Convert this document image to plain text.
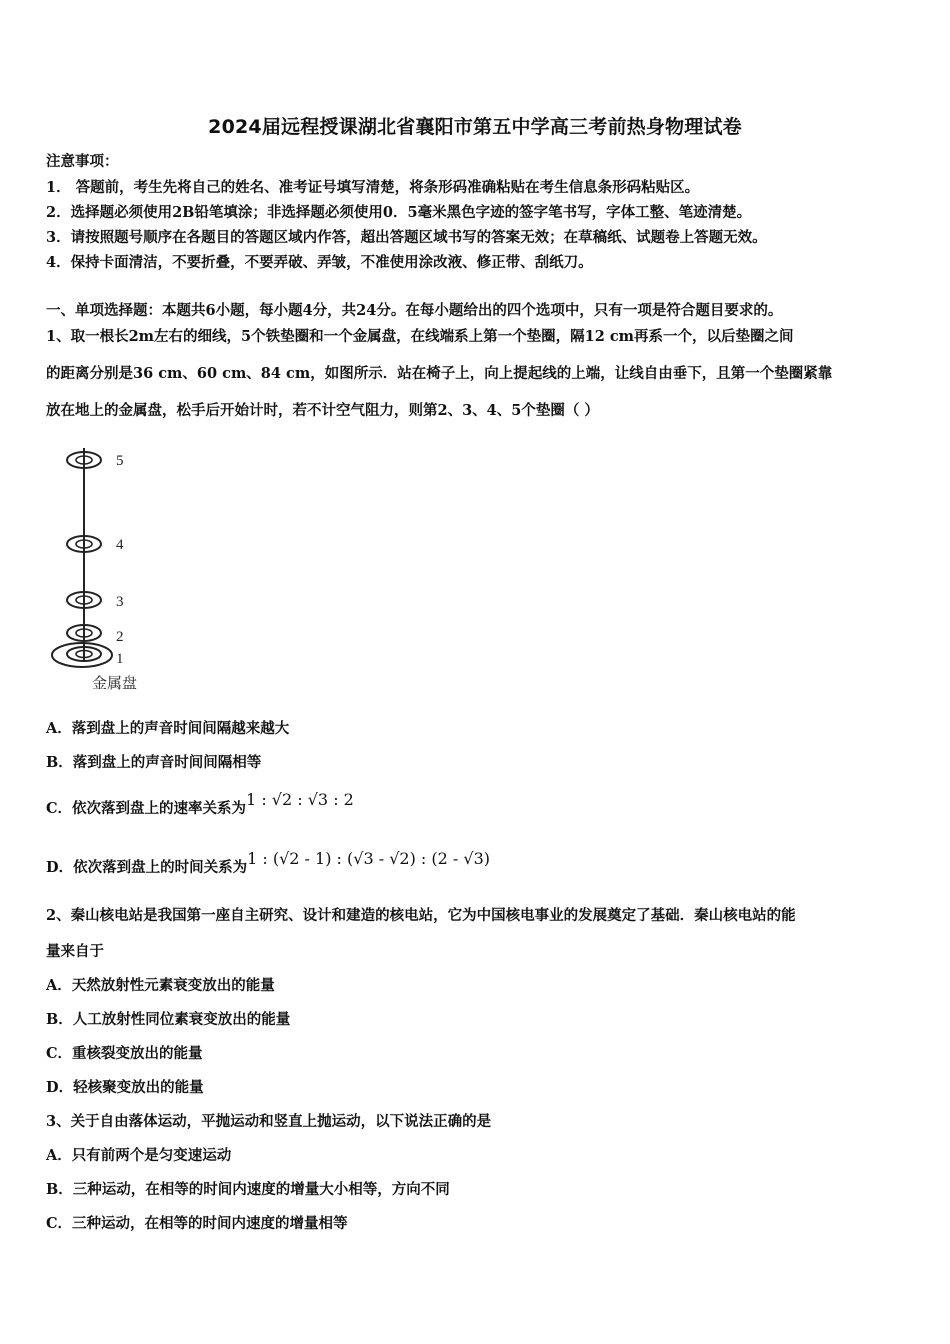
2024届远程授课湖北省襄阳市第五中学高三考前热身物理试卷
注意事项：
1． 答题前，考生先将自己的姓名、准考证号填写清楚，将条形码准确粘贴在考生信息条形码粘贴区。
2．选择题必须使用2B铅笔填涂；非选择题必须使用0．5毫米黑色字迹的签字笔书写，字体工整、笔迹清楚。
3．请按照题号顺序在各题目的答题区域内作答，超出答题区域书写的答案无效；在草稿纸、试题卷上答题无效。
4．保持卡面清洁，不要折叠，不要弄破、弄皱，不准使用涂改液、修正带、刮纸刀。
一、单项选择题：本题共6小题，每小题4分，共24分。在每小题给出的四个选项中，只有一项是符合题目要求的。
1、取一根长2m左右的细线，5个铁垫圈和一个金属盘，在线端系上第一个垫圈，隔12 cm再系一个，以后垫圈之间
的距离分别是36 cm、60 cm、84 cm，如图所示．站在椅子上，向上提起线的上端，让线自由垂下，且第一个垫圈紧靠
放在地上的金属盘，松手后开始计时，若不计空气阻力，则第2、3、4、5个垫圈（ ）
5
4
3
2
1
金属盘
A．落到盘上的声音时间间隔越来越大
B．落到盘上的声音时间间隔相等
C．依次落到盘上的速率关系为1 : √2 : √3 : 2
D．依次落到盘上的时间关系为1 : (√2 - 1) : (√3 - √2) : (2 - √3)
2、秦山核电站是我国第一座自主研究、设计和建造的核电站，它为中国核电事业的发展奠定了基础．秦山核电站的能
量来自于
A．天然放射性元素衰变放出的能量
B．人工放射性同位素衰变放出的能量
C．重核裂变放出的能量
D．轻核聚变放出的能量
3、关于自由落体运动，平抛运动和竖直上抛运动，以下说法正确的是
A．只有前两个是匀变速运动
B．三种运动，在相等的时间内速度的增量大小相等，方向不同
C．三种运动，在相等的时间内速度的增量相等
